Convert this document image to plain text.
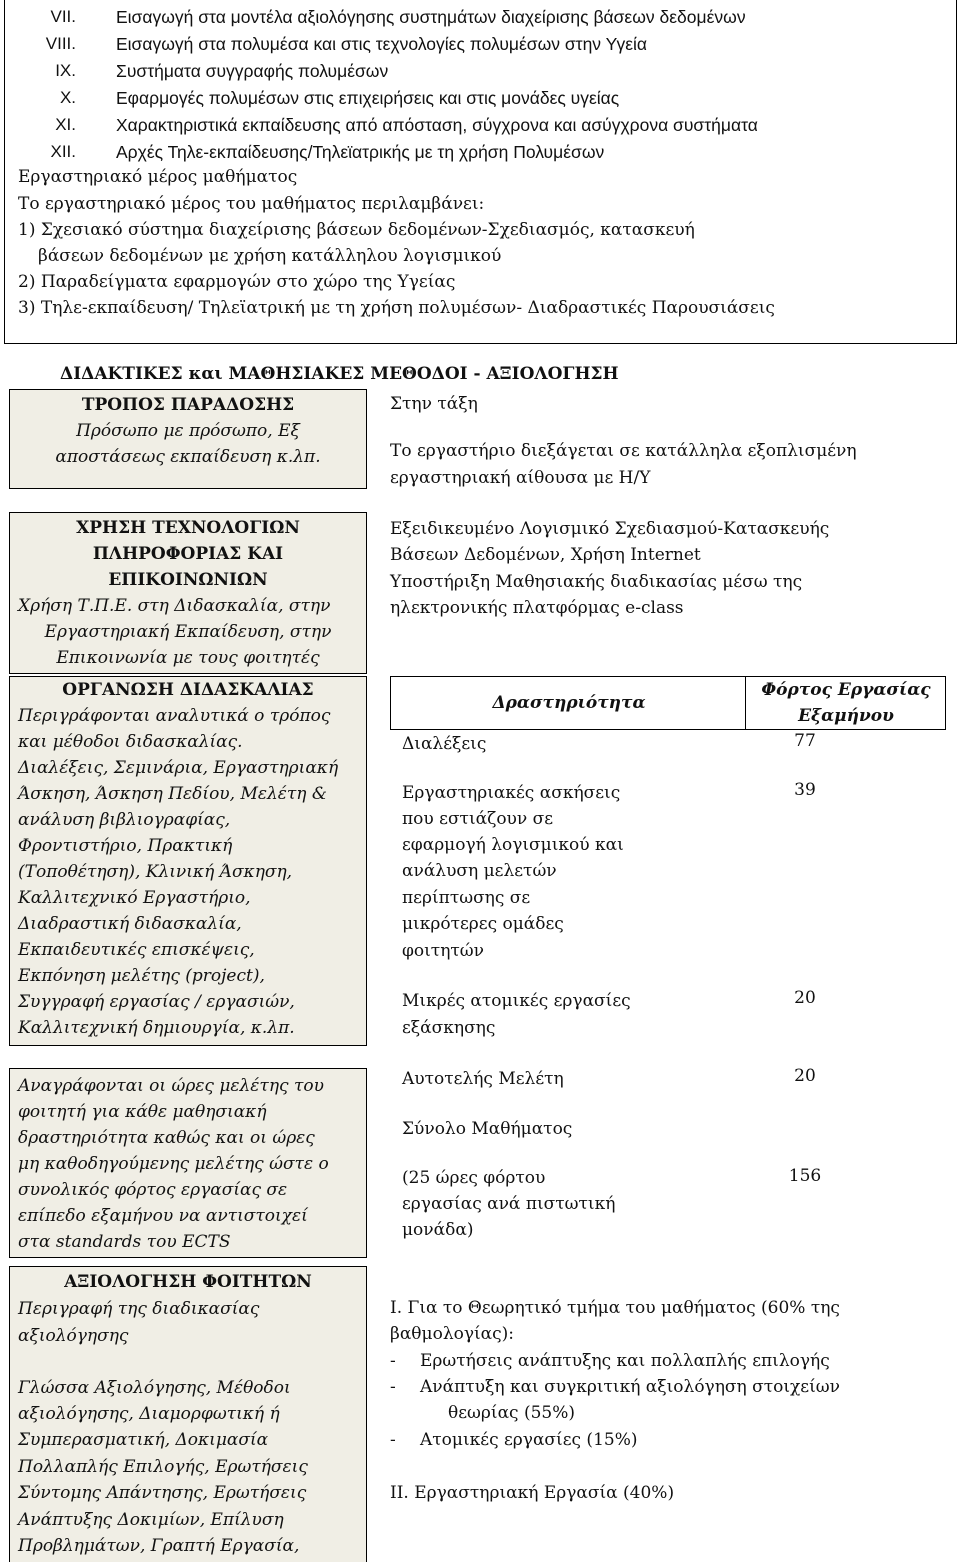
VII. Εισαγωγή στα μοντέλα αξιολόγησης συστημάτων διαχείρισης βάσεων δεδομένων
VIII. Εισαγωγή στα πολυμέσα και στις τεχνολογίες πολυμέσων στην Υγεία
IX. Συστήματα συγγραφής πολυμέσων
X. Εφαρμογές πολυμέσων στις επιχειρήσεις και στις μονάδες υγείας
XI. Χαρακτηριστικά εκπαίδευσης από απόσταση, σύγχρονα και ασύγχρονα συστήματα
XII. Αρχές Τηλε-εκπαίδευσης/Τηλεϊατρικής με τη χρήση Πολυμέσων
Εργαστηριακό μέρος μαθήματος
Το εργαστηριακό μέρος του μαθήματος περιλαμβάνει:
1) Σχεσιακό σύστημα διαχείρισης βάσεων δεδομένων-Σχεδιασμός, κατασκευή
βάσεων δεδομένων με χρήση κατάλληλου λογισμικού
2) Παραδείγματα εφαρμογών στο χώρο της Υγείας
3) Τηλε-εκπαίδευση/ Τηλεϊατρική με τη χρήση πολυμέσων- Διαδραστικές Παρουσιάσεις
ΔΙΔΑΚΤΙΚΕΣ και ΜΑΘΗΣΙΑΚΕΣ ΜΕΘΟΔΟΙ - ΑΞΙΟΛΟΓΗΣΗ
ΤΡΟΠΟΣ ΠΑΡΑΔΟΣΗΣ
Πρόσωπο με πρόσωπο, Εξ
αποστάσεως εκπαίδευση κ.λπ.
Στην τάξη
Το εργαστήριο διεξάγεται σε κατάλληλα εξοπλισμένη
εργαστηριακή αίθουσα με Η/Υ
ΧΡΗΣΗ ΤΕΧΝΟΛΟΓΙΩΝ
ΠΛΗΡΟΦΟΡΙΑΣ ΚΑΙ
ΕΠΙΚΟΙΝΩΝΙΩΝ
Χρήση Τ.Π.Ε. στη Διδασκαλία, στην
Εργαστηριακή Εκπαίδευση, στην
Επικοινωνία με τους φοιτητές
Εξειδικευμένο Λογισμικό Σχεδιασμού-Κατασκευής
Βάσεων Δεδομένων, Χρήση Internet
Υποστήριξη Μαθησιακής διαδικασίας μέσω της
ηλεκτρονικής πλατφόρμας e-class
ΟΡΓΑΝΩΣΗ ΔΙΔΑΣΚΑΛΙΑΣ
Περιγράφονται αναλυτικά ο τρόπος
και μέθοδοι διδασκαλίας.
Διαλέξεις, Σεμινάρια, Εργαστηριακή
Άσκηση, Άσκηση Πεδίου, Μελέτη &
ανάλυση βιβλιογραφίας,
Φροντιστήριο, Πρακτική
(Τοποθέτηση), Κλινική Άσκηση,
Καλλιτεχνικό Εργαστήριο,
Διαδραστική διδασκαλία,
Εκπαιδευτικές επισκέψεις,
Εκπόνηση μελέτης (project),
Συγγραφή εργασίας / εργασιών,
Καλλιτεχνική δημιουργία, κ.λπ.
Αναγράφονται οι ώρες μελέτης του
φοιτητή για κάθε μαθησιακή
δραστηριότητα καθώς και οι ώρες
μη καθοδηγούμενης μελέτης ώστε ο
συνολικός φόρτος εργασίας σε
επίπεδο εξαμήνου να αντιστοιχεί
στα standards του ECTS
Δραστηριότητα
Φόρτος Εργασίας
Εξαμήνου
Διαλέξεις	77
Εργαστηριακές ασκήσεις
που εστιάζουν σε
εφαρμογή λογισμικού και
ανάλυση μελετών
περίπτωσης σε
μικρότερες ομάδες
φοιτητών
39
Μικρές ατομικές εργασίες
εξάσκησης
20
Αυτοτελής Μελέτη	20
Σύνολο Μαθήματος
(25 ώρες φόρτου
εργασίας ανά πιστωτική
μονάδα)
156
ΑΞΙΟΛΟΓΗΣΗ ΦΟΙΤΗΤΩΝ
Περιγραφή της διαδικασίας
αξιολόγησης
Γλώσσα Αξιολόγησης, Μέθοδοι
αξιολόγησης, Διαμορφωτική ή
Συμπερασματική, Δοκιμασία
Πολλαπλής Επιλογής, Ερωτήσεις
Σύντομης Απάντησης, Ερωτήσεις
Ανάπτυξης Δοκιμίων, Επίλυση
Προβλημάτων, Γραπτή Εργασία,
Ι. Για το Θεωρητικό τμήμα του μαθήματος (60% της
βαθμολογίας):
- Ερωτήσεις ανάπτυξης και πολλαπλής επιλογής
- Ανάπτυξη και συγκριτική αξιολόγηση στοιχείων
θεωρίας (55%)
- Ατομικές εργασίες (15%)
ΙΙ. Εργαστηριακή Εργασία (40%)
